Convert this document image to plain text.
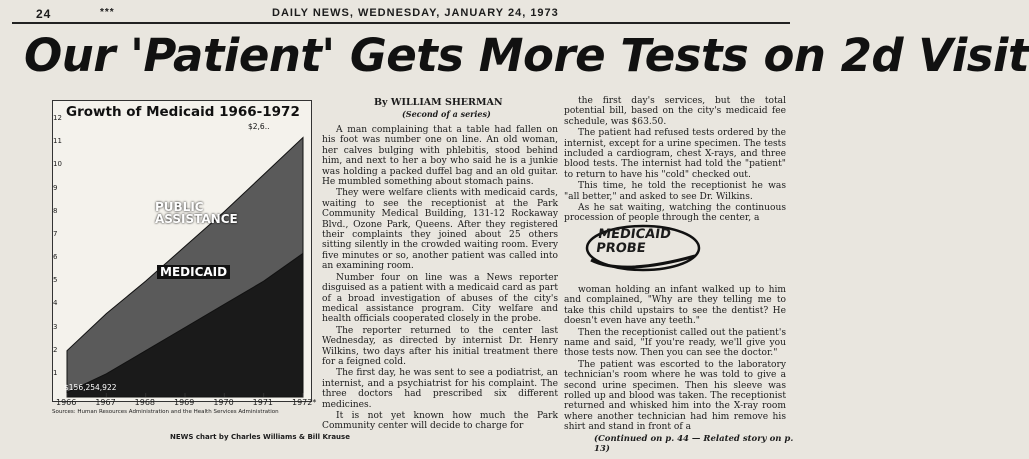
24	***	DAILY NEWS, WEDNESDAY, JANUARY 24, 1973
Our 'Patient' Gets More Tests on 2d Visit
Growth of Medicaid 1966-1972
$2,6..
$156,254,922
PUBLIC
ASSISTANCE
MEDICAID
12
11
10
9
8
7
6
5
4
3
2
1
1966 1967 1968 1969 1970 1971 1972*
Sources: Human Resources Administration and the Health Services Administration
NEWS chart by Charles Williams & Bill Krause
By WILLIAM SHERMAN
(Second of a series)

A man complaining that a table had fallen on his foot was number one on line. An old woman, her calves bulging with phlebitis, stood behind him, and next to her a boy who said he is a junkie was holding a packed duffel bag and an old guitar. He mumbled something about stomach pains.

They were welfare clients with medicaid cards, waiting to see the receptionist at the Park Community Medical Building, 131-12 Rockaway Blvd., Ozone Park, Queens. After they registered their complaints they joined about 25 others sitting silently in the crowded waiting room. Every five minutes or so, another patient was called into an examining room.

Number four on line was a News reporter disguised as a patient with a medicaid card as part of a broad investigation of abuses of the city's medical assistance program. City welfare and health officials cooperated closely in the probe.

The reporter returned to the center last Wednesday, as directed by internist Dr. Henry Wilkins, two days after his initial treatment there for a feigned cold.

The first day, he was sent to see a podiatrist, an internist, and a psychiatrist for his complaint. The three doctors had prescribed six different medicines.

It is not yet known how much the Park Community center will decide to charge for

the first day's services, but the total potential bill, based on the city's medicaid fee schedule, was $63.50.

The patient had refused tests ordered by the internist, except for a urine specimen. The tests included a cardiogram, chest X-rays, and three blood tests. The internist had told the "patient" to return to have his "cold" checked out.

This time, he told the receptionist he was "all better," and asked to see Dr. Wilkins.

As he sat waiting, watching the continuous procession of people through the center, a

MEDICAID
PROBE

woman holding an infant walked up to him and complained, "Why are they telling me to take this child upstairs to see the dentist? He doesn't even have any teeth."

Then the receptionist called out the patient's name and said, "If you're ready, we'll give you those tests now. Then you can see the doctor."

The patient was escorted to the laboratory technician's room where he was told to give a second urine specimen. Then his sleeve was rolled up and blood was taken. The receptionist returned and whisked him into the X-ray room where another technician had him remove his shirt and stand in front of a

(Continued on p. 44 — Related story on p. 13)
